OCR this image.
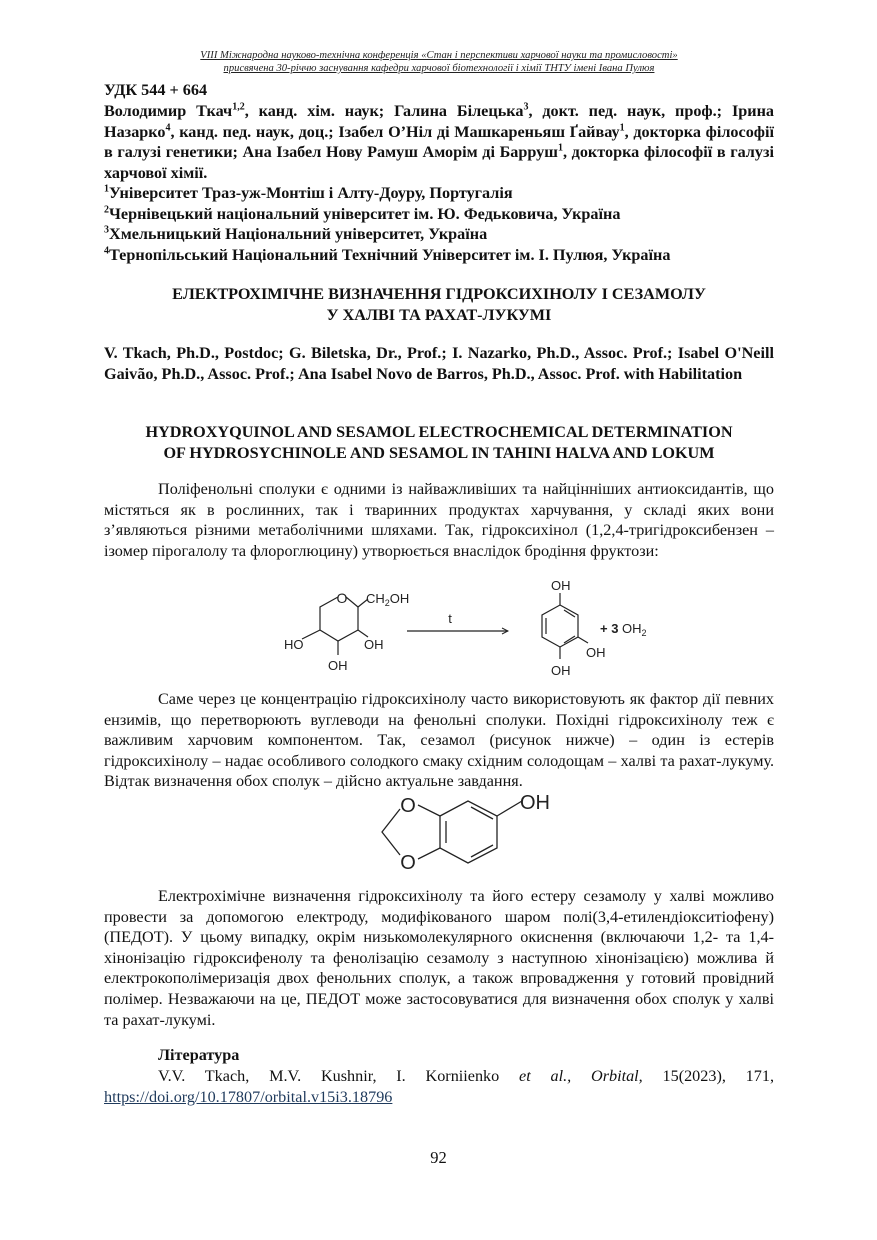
VIII Міжнародна науково-технічна конференція «Стан і перспективи харчової науки та промисловості»
присвячена 30-річчю заснування кафедри харчової біотехнології і хімії ТНТУ імені Івана Пулюя
УДК 544 + 664
Володимир Ткач$^{1,2}$, канд. хім. наук; Галина Білецька$^3$, докт. пед. наук, проф.; Ірина Назарко$^4$, канд. пед. наук, доц.; Ізабел О’Ніл ді Машкареньяш Ґайвау$^1$, докторка філософії в галузі генетики; Ана Ізабел Нову Рамуш Аморім ді Барруш$^1$, докторка філософії в галузі харчової хімії.
$^1$Університет Траз-уж-Монтіш і Алту-Доуру, Португалія
$^2$Чернівецький національний університет ім. Ю. Федьковича, Україна
$^3$Хмельницький Національний університет, Україна
$^4$Тернопільський Національний Технічний Університет ім. І. Пулюя, Україна
ЕЛЕКТРОХІМІЧНЕ ВИЗНАЧЕННЯ ГІДРОКСИХІНОЛУ І СЕЗАМОЛУ
У ХАЛВІ ТА РАХАТ-ЛУКУМІ
V. Tkach, Ph.D., Postdoc; G. Biletska, Dr., Prof.; I. Nazarko, Ph.D., Assoc. Prof.; Isabel O'Neill Gaivão, Ph.D., Assoc. Prof.; Ana Isabel Novo de Barros, Ph.D., Assoc. Prof. with Habilitation
HYDROXYQUINOL AND SESAMOL ELECTROCHEMICAL DETERMINATION
OF HYDROSYCHINOLE AND SESAMOL IN TAHINI HALVA AND LOKUM
Поліфенольні сполуки є одними із найважливіших та найцінніших антиоксидантів, що містяться як в рослинних, так і тваринних продуктах харчування, у складі яких вони з’являються різними метаболічними шляхами. Так, гідроксихінол (1,2,4-тригідроксибензен – ізомер пірогалолу та флороглюцину) утворюється внаслідок бродіння фруктози:
O $CH_2OH$
HO	OH
OH
t
OH
OH
OH
+ 3 $OH_2$
Саме через це концентрацію гідроксихінолу часто використовують як фактор дії певних ензимів, що перетворюють вуглеводи на фенольні сполуки. Похідні гідроксихінолу теж є важливим харчовим компонентом. Так, сезамол (рисунок нижче) – один із естерів гідроксихінолу – надає особливого солодкого смаку східним солодощам – халві та рахат-лукуму. Відтак визначення обох сполук – дійсно актуальне завдання.
O
O
OH
Електрохімічне визначення гідроксихінолу та його естеру сезамолу у халві можливо провести за допомогою електроду, модифікованого шаром полі(3,4-етилендіокситіофену) (ПЕДОТ). У цьому випадку, окрім низькомолекулярного окиснення (включаючи 1,2- та 1,4-хінонізацію гідроксифенолу та фенолізацію сезамолу з наступною хінонізацією) можлива й електрокополімеризація двох фенольних сполук, а також впровадження у готовий провідний полімер. Незважаючи на це, ПЕДОТ може застосовуватися для визначення обох сполук у халві та рахат-лукумі.
Література
V.V. Tkach, M.V. Kushnir, I. Korniienko et al., Orbital, 15(2023), 171, https://doi.org/10.17807/orbital.v15i3.18796
92
